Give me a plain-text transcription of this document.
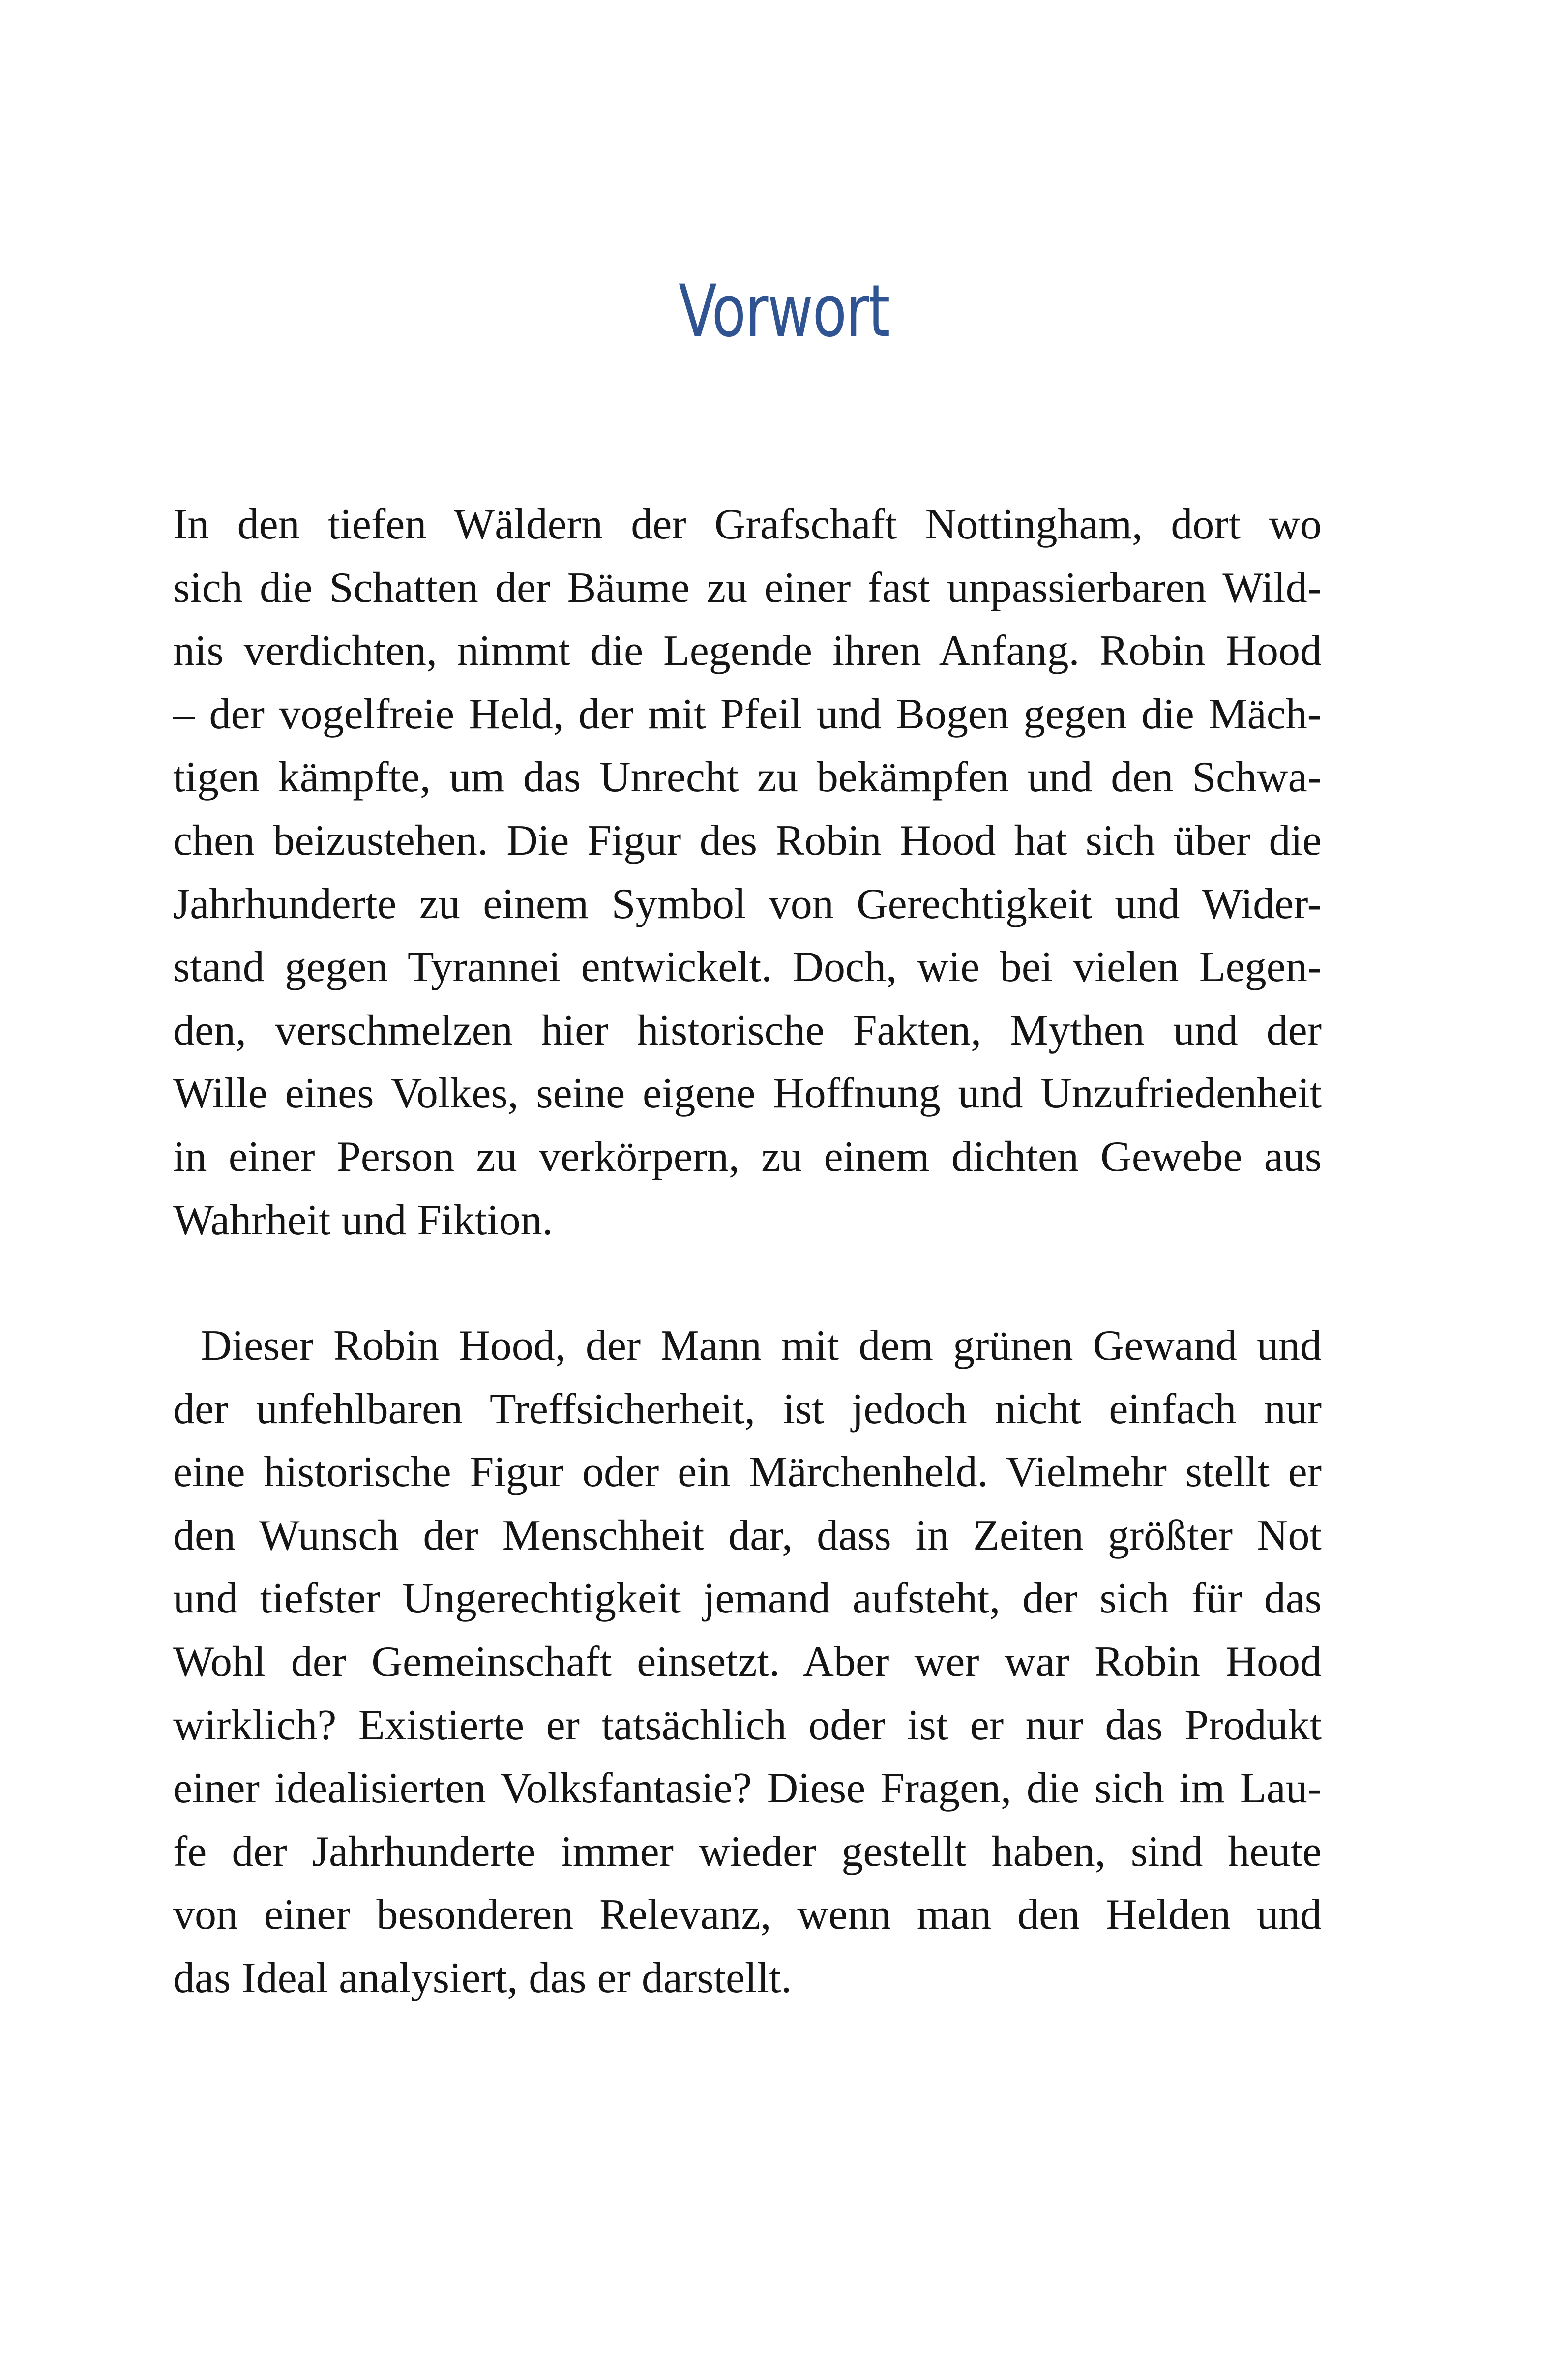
Vorwort
In den tiefen Wäldern der Grafschaft Nottingham, dort wo
sich die Schatten der Bäume zu einer fast unpassierbaren Wild-
nis verdichten, nimmt die Legende ihren Anfang. Robin Hood
– der vogelfreie Held, der mit Pfeil und Bogen gegen die Mäch-
tigen kämpfte, um das Unrecht zu bekämpfen und den Schwa-
chen beizustehen. Die Figur des Robin Hood hat sich über die
Jahrhunderte zu einem Symbol von Gerechtigkeit und Wider-
stand gegen Tyrannei entwickelt. Doch, wie bei vielen Legen-
den, verschmelzen hier historische Fakten, Mythen und der
Wille eines Volkes, seine eigene Hoffnung und Unzufriedenheit
in einer Person zu verkörpern, zu einem dichten Gewebe aus
Wahrheit und Fiktion.
Dieser Robin Hood, der Mann mit dem grünen Gewand und
der unfehlbaren Treffsicherheit, ist jedoch nicht einfach nur
eine historische Figur oder ein Märchenheld. Vielmehr stellt er
den Wunsch der Menschheit dar, dass in Zeiten größter Not
und tiefster Ungerechtigkeit jemand aufsteht, der sich für das
Wohl der Gemeinschaft einsetzt. Aber wer war Robin Hood
wirklich? Existierte er tatsächlich oder ist er nur das Produkt
einer idealisierten Volksfantasie? Diese Fragen, die sich im Lau-
fe der Jahrhunderte immer wieder gestellt haben, sind heute
von einer besonderen Relevanz, wenn man den Helden und
das Ideal analysiert, das er darstellt.
